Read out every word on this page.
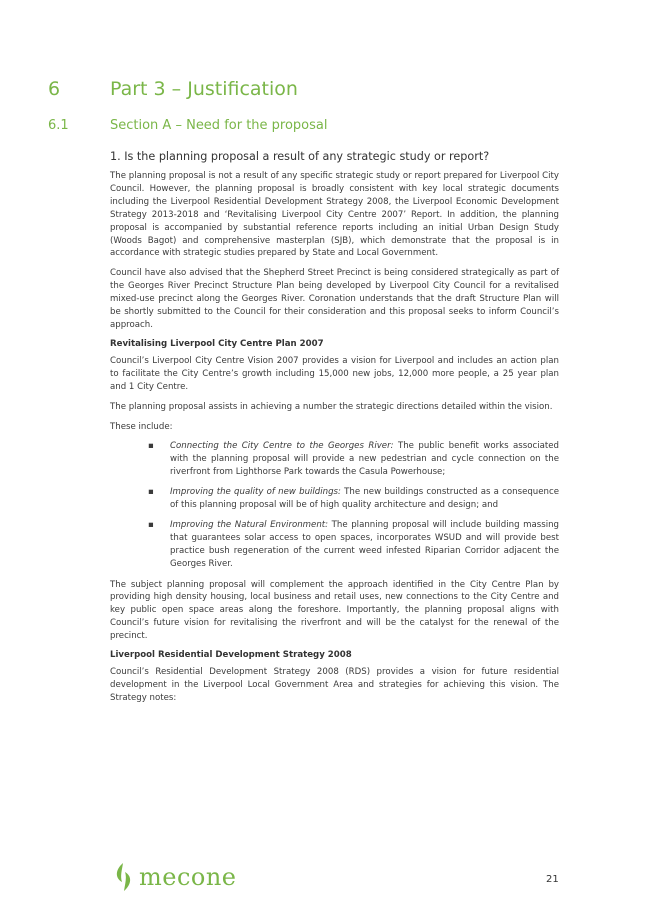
6	Part 3 – Justification
6.1	Section A – Need for the proposal
1. Is the planning proposal a result of any strategic study or report?

The planning proposal is not a result of any specific strategic study or report prepared for Liverpool City Council. However, the planning proposal is broadly consistent with key local strategic documents including the Liverpool Residential Development Strategy 2008, the Liverpool Economic Development Strategy 2013-2018 and ‘Revitalising Liverpool City Centre 2007’ Report. In addition, the planning proposal is accompanied by substantial reference reports including an initial Urban Design Study (Woods Bagot) and comprehensive masterplan (SJB), which demonstrate that the proposal is in accordance with strategic studies prepared by State and Local Government.

Council have also advised that the Shepherd Street Precinct is being considered strategically as part of the Georges River Precinct Structure Plan being developed by Liverpool City Council for a revitalised mixed-use precinct along the Georges River. Coronation understands that the draft Structure Plan will be shortly submitted to the Council for their consideration and this proposal seeks to inform Council’s approach.

Revitalising Liverpool City Centre Plan 2007

Council’s Liverpool City Centre Vision 2007 provides a vision for Liverpool and includes an action plan to facilitate the City Centre’s growth including 15,000 new jobs, 12,000 more people, a 25 year plan and 1 City Centre.

The planning proposal assists in achieving a number the strategic directions detailed within the vision.

These include:

▪ Connecting the City Centre to the Georges River: The public benefit works associated with the planning proposal will provide a new pedestrian and cycle connection on the riverfront from Lighthorse Park towards the Casula Powerhouse;
▪ Improving the quality of new buildings: The new buildings constructed as a consequence of this planning proposal will be of high quality architecture and design; and
▪ Improving the Natural Environment: The planning proposal will include building massing that guarantees solar access to open spaces, incorporates WSUD and will provide best practice bush regeneration of the current weed infested Riparian Corridor adjacent the Georges River.

The subject planning proposal will complement the approach identified in the City Centre Plan by providing high density housing, local business and retail uses, new connections to the City Centre and key public open space areas along the foreshore. Importantly, the planning proposal aligns with Council’s future vision for revitalising the riverfront and will be the catalyst for the renewal of the precinct.

Liverpool Residential Development Strategy 2008

Council’s Residential Development Strategy 2008 (RDS) provides a vision for future residential development in the Liverpool Local Government Area and strategies for achieving this vision. The Strategy notes:

mecone	21
